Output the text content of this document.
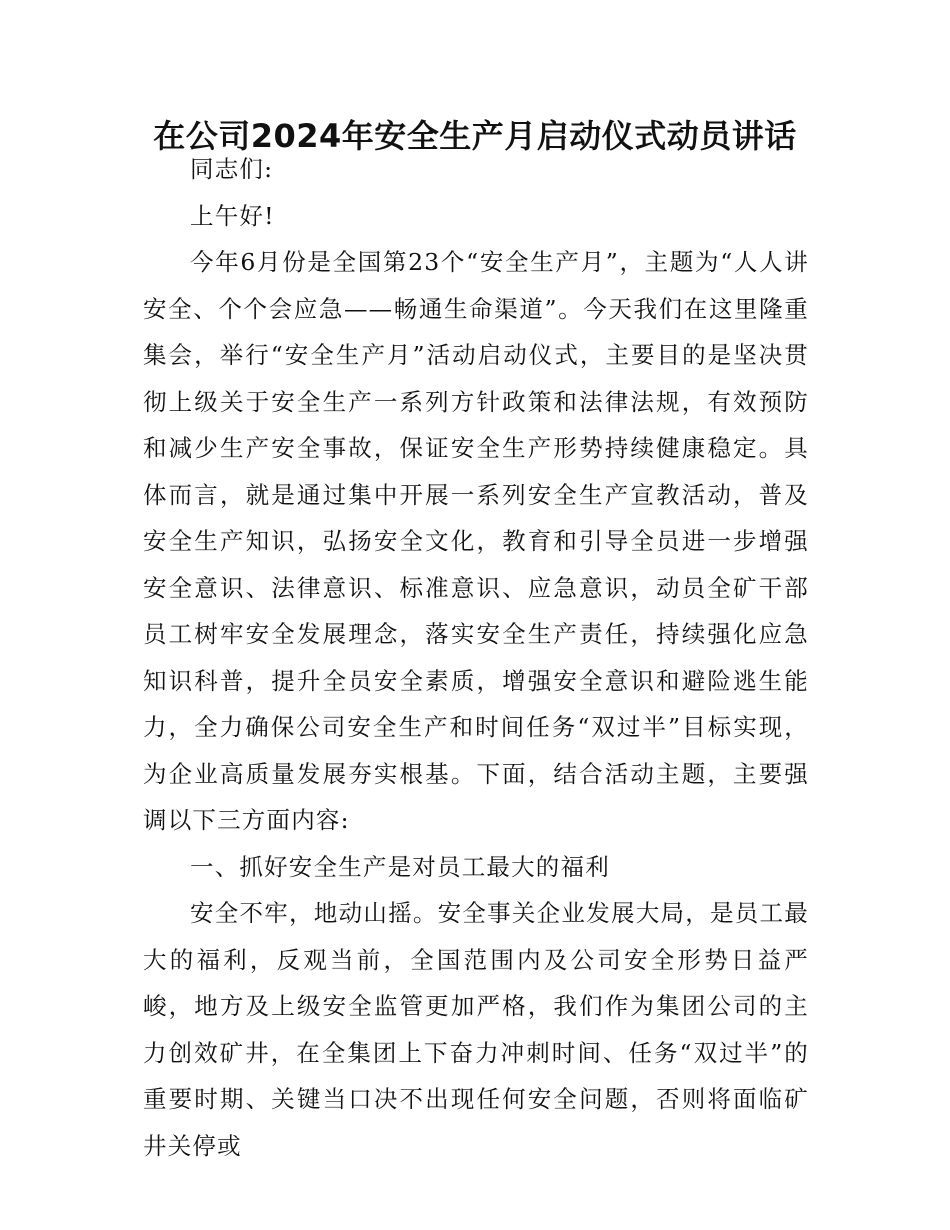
在公司2024年安全生产月启动仪式动员讲话

同志们:

上午好!

今年6月份是全国第23个“安全生产月”，主题为“人人讲安全、个个会应急——畅通生命渠道”。今天我们在这里隆重集会，举行“安全生产月”活动启动仪式，主要目的是坚决贯彻上级关于安全生产一系列方针政策和法律法规，有效预防和减少生产安全事故，保证安全生产形势持续健康稳定。具体而言，就是通过集中开展一系列安全生产宣教活动，普及安全生产知识，弘扬安全文化，教育和引导全员进一步增强安全意识、法律意识、标准意识、应急意识，动员全矿干部员工树牢安全发展理念，落实安全生产责任，持续强化应急知识科普，提升全员安全素质，增强安全意识和避险逃生能力，全力确保公司安全生产和时间任务“双过半”目标实现，为企业高质量发展夯实根基。下面，结合活动主题，主要强调以下三方面内容:

一、抓好安全生产是对员工最大的福利

安全不牢，地动山摇。安全事关企业发展大局，是员工最大的福利，反观当前，全国范围内及公司安全形势日益严峻，地方及上级安全监管更加严格，我们作为集团公司的主力创效矿井，在全集团上下奋力冲刺时间、任务“双过半”的重要时期、关键当口决不出现任何安全问题，否则将面临矿井关停或
